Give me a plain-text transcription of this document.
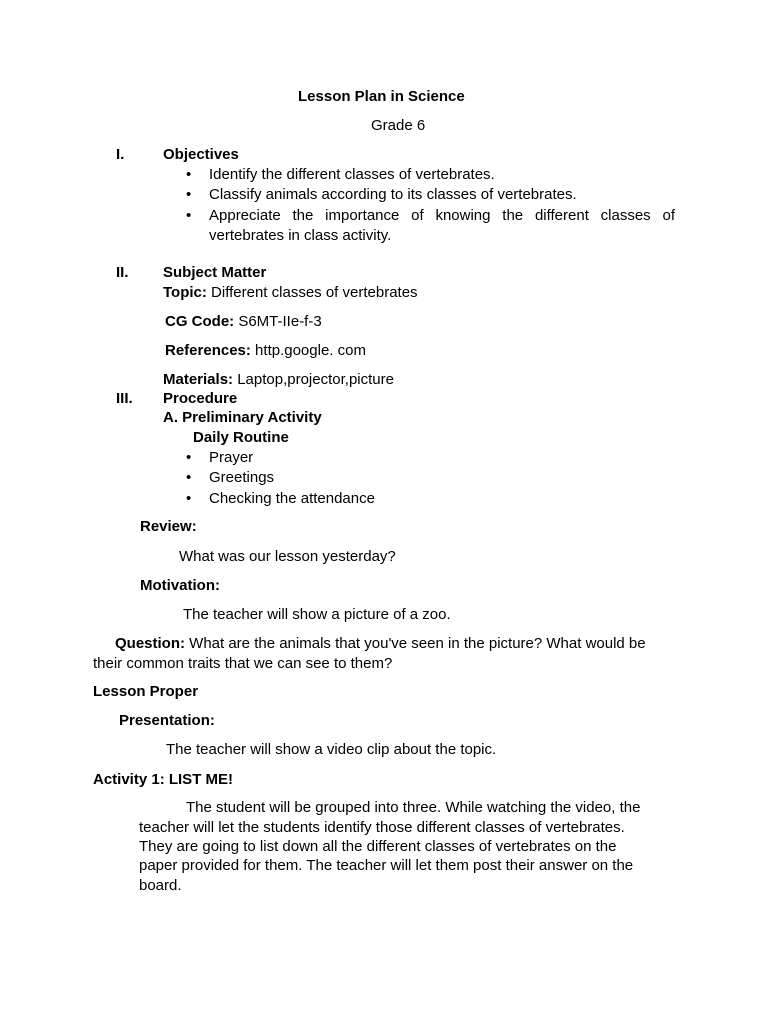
Lesson Plan in Science
Grade 6
I.	Objectives
• Identify the different classes of vertebrates.
• Classify animals according to its classes of vertebrates.
• Appreciate the importance of knowing the different classes of
vertebrates in class activity.
II. Subject Matter
Topic: Different classes of vertebrates
CG Code: S6MT-IIe-f-3
References: http.google. com
Materials: Laptop,projector,picture
III. Procedure
A. Preliminary Activity
Daily Routine
• Prayer
• Greetings
• Checking the attendance
Review:
What was our lesson yesterday?
Motivation:
The teacher will show a picture of a zoo.
Question: What are the animals that you've seen in the picture? What would be
their common traits that we can see to them?
Lesson Proper
Presentation:
The teacher will show a video clip about the topic.
Activity 1: LIST ME!
The student will be grouped into three. While watching the video, the
teacher will let the students identify those different classes of vertebrates.
They are going to list down all the different classes of vertebrates on the
paper provided for them. The teacher will let them post their answer on the
board.
